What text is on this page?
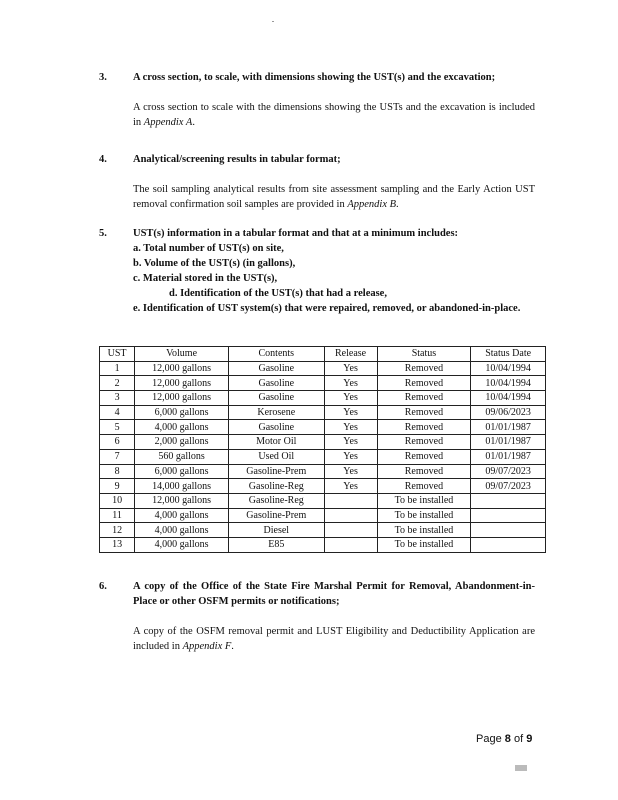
3. A cross section, to scale, with dimensions showing the UST(s) and the excavation;
A cross section to scale with the dimensions showing the USTs and the excavation is included in Appendix A.
4. Analytical/screening results in tabular format;
The soil sampling analytical results from site assessment sampling and the Early Action UST removal confirmation soil samples are provided in Appendix B.
5. UST(s) information in a tabular format and that at a minimum includes:
a. Total number of UST(s) on site,
b. Volume of the UST(s) (in gallons),
c. Material stored in the UST(s),
d. Identification of the UST(s) that had a release,
e. Identification of UST system(s) that were repaired, removed, or abandoned-in-place.
UST	Volume	Contents	Release	Status	Status Date
1	12,000 gallons	Gasoline	Yes	Removed	10/04/1994
2	12,000 gallons	Gasoline	Yes	Removed	10/04/1994
3	12,000 gallons	Gasoline	Yes	Removed	10/04/1994
4	6,000 gallons	Kerosene	Yes	Removed	09/06/2023
5	4,000 gallons	Gasoline	Yes	Removed	01/01/1987
6	2,000 gallons	Motor Oil	Yes	Removed	01/01/1987
7	560 gallons	Used Oil	Yes	Removed	01/01/1987
8	6,000 gallons	Gasoline-Prem	Yes	Removed	09/07/2023
9	14,000 gallons	Gasoline-Reg	Yes	Removed	09/07/2023
10	12,000 gallons	Gasoline-Reg		To be installed	
11	4,000 gallons	Gasoline-Prem		To be installed	
12	4,000 gallons	Diesel		To be installed	
13	4,000 gallons	E85		To be installed	
6. A copy of the Office of the State Fire Marshal Permit for Removal, Abandonment-in-Place or other OSFM permits or notifications;
A copy of the OSFM removal permit and LUST Eligibility and Deductibility Application are included in Appendix F.
Page 8 of 9
